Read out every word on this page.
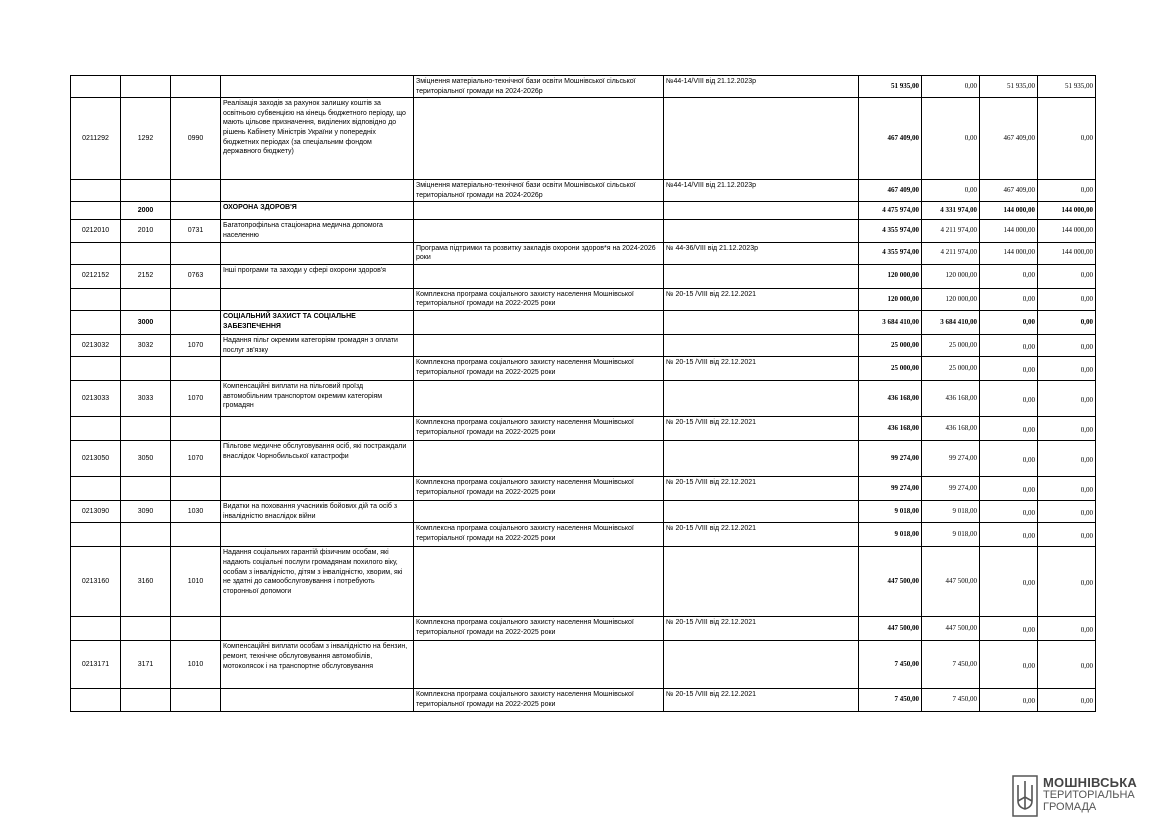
				Зміцнення матеріально-технічної бази освіти Мошнівської сільської територіальної громади на 2024-2026р	№44-14/VIII від 21.12.2023р	51 935,00	0,00	51 935,00	51 935,00
0211292	1292	0990	Реалізація заходів за рахунок залишку коштів за освітньою субвенцією на кінець бюджетного періоду, що мають цільове призначення, виділених відповідно до рішень Кабінету Міністрів України у попередніх бюджетних періодах (за спеціальним фондом державного бюджету)			467 409,00	0,00	467 409,00	0,00
				Зміцнення матеріально-технічної бази освіти Мошнівської сільської територіальної громади на 2024-2026р	№44-14/VIII від 21.12.2023р	467 409,00	0,00	467 409,00	0,00
	2000		ОХОРОНА ЗДОРОВ'Я			4 475 974,00	4 331 974,00	144 000,00	144 000,00
0212010	2010	0731	Багатопрофільна стаціонарна медична допомога населенню			4 355 974,00	4 211 974,00	144 000,00	144 000,00
				Програма підтримки та розвитку закладів охорони здоров*я на 2024-2026 роки	№ 44-36/VIII від 21.12.2023р	4 355 974,00	4 211 974,00	144 000,00	144 000,00
0212152	2152	0763	Інші програми та заходи у сфері охорони здоров'я			120 000,00	120 000,00	0,00	0,00
				Комплексна програма соціального захисту населення Мошнівської територіальної громади на 2022-2025 роки	№ 20-15 /VIII від 22.12.2021	120 000,00	120 000,00	0,00	0,00
	3000		СОЦІАЛЬНИЙ ЗАХИСТ ТА СОЦІАЛЬНЕ ЗАБЕЗПЕЧЕННЯ			3 684 410,00	3 684 410,00	0,00	0,00
0213032	3032	1070	Надання пільг окремим категоріям громадян з оплати послуг зв'язку			25 000,00	25 000,00	0,00	0,00
				Комплексна програма соціального захисту населення Мошнівської територіальної громади на 2022-2025 роки	№ 20-15 /VIII від 22.12.2021	25 000,00	25 000,00	0,00	0,00
0213033	3033	1070	Компенсаційні виплати на пільговий проїзд автомобільним транспортом окремим категоріям громадян			436 168,00	436 168,00	0,00	0,00
				Комплексна програма соціального захисту населення Мошнівської територіальної громади на 2022-2025 роки	№ 20-15 /VIII від 22.12.2021	436 168,00	436 168,00	0,00	0,00
0213050	3050	1070	Пільгове медичне обслуговування осіб, які постраждали внаслідок Чорнобильської катастрофи			99 274,00	99 274,00	0,00	0,00
				Комплексна програма соціального захисту населення Мошнівської територіальної громади на 2022-2025 роки	№ 20-15 /VIII від 22.12.2021	99 274,00	99 274,00	0,00	0,00
0213090	3090	1030	Видатки на поховання учасників бойових дій та осіб з інвалідністю внаслідок війни			9 018,00	9 018,00	0,00	0,00
				Комплексна програма соціального захисту населення Мошнівської територіальної громади на 2022-2025 роки	№ 20-15 /VIII від 22.12.2021	9 018,00	9 018,00	0,00	0,00
0213160	3160	1010	Надання соціальних гарантій фізичним особам, які надають соціальні послуги громадянам похилого віку, особам з інвалідністю, дітям з інвалідністю, хворим, які не здатні до самообслуговування і потребують сторонньої допомоги			447 500,00	447 500,00	0,00	0,00
				Комплексна програма соціального захисту населення Мошнівської територіальної громади на 2022-2025 роки	№ 20-15 /VIII від 22.12.2021	447 500,00	447 500,00	0,00	0,00
0213171	3171	1010	Компенсаційні виплати особам з інвалідністю на бензин, ремонт, технічне обслуговування автомобілів, мотоколясок і на транспортне обслуговування			7 450,00	7 450,00	0,00	0,00
				Комплексна програма соціального захисту населення Мошнівської територіальної громади на 2022-2025 роки	№ 20-15 /VIII від 22.12.2021	7 450,00	7 450,00	0,00	0,00
МОШНІВСЬКА
ТЕРИТОРІАЛЬНА
ГРОМАДА
